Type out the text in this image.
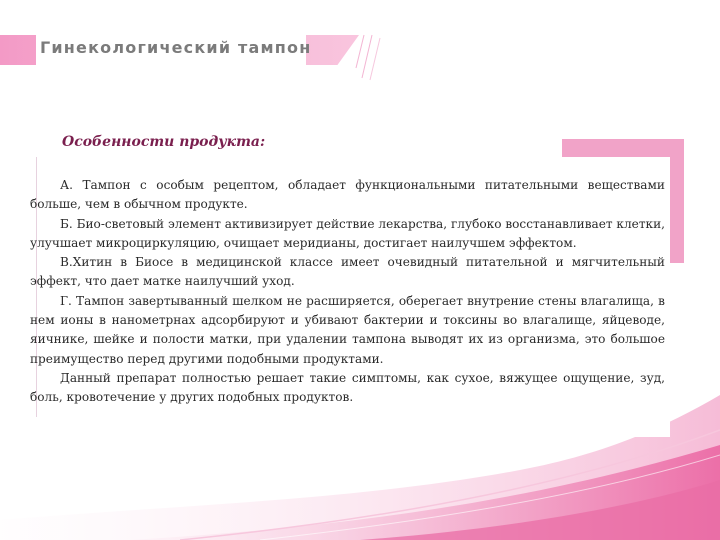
Гинекологический тампон
Особенности продукта:

А. Тампон с особым рецептом, обладает функциональными питательными веществами больше, чем в обычном продукте.

Б. Био-световый элемент активизирует действие лекарства, глубоко восстанавливает клетки, улучшает микроциркуляцию, очищает меридианы, достигает наилучшем эффектом.

В.Хитин в Биосе в медицинской классе имеет очевидный питательной и мягчительный эффект, что дает матке наилучший уход.

Г. Тампон завертыванный шелком не расширяется, оберегает внутрение стены влагалища, в нем ионы в нанометрнах адсорбируют и убивают бактерии и токсины во влагалище, яйцеводе, яичнике, шейке и полости матки, при удалении тампона выводят их из организма, это большое преимущество перед другими подобными продуктами.

Данный препарат полностью решает такие симптомы, как сухое, вяжущее ощущение, зуд, боль, кровотечение у других подобных продуктов.
